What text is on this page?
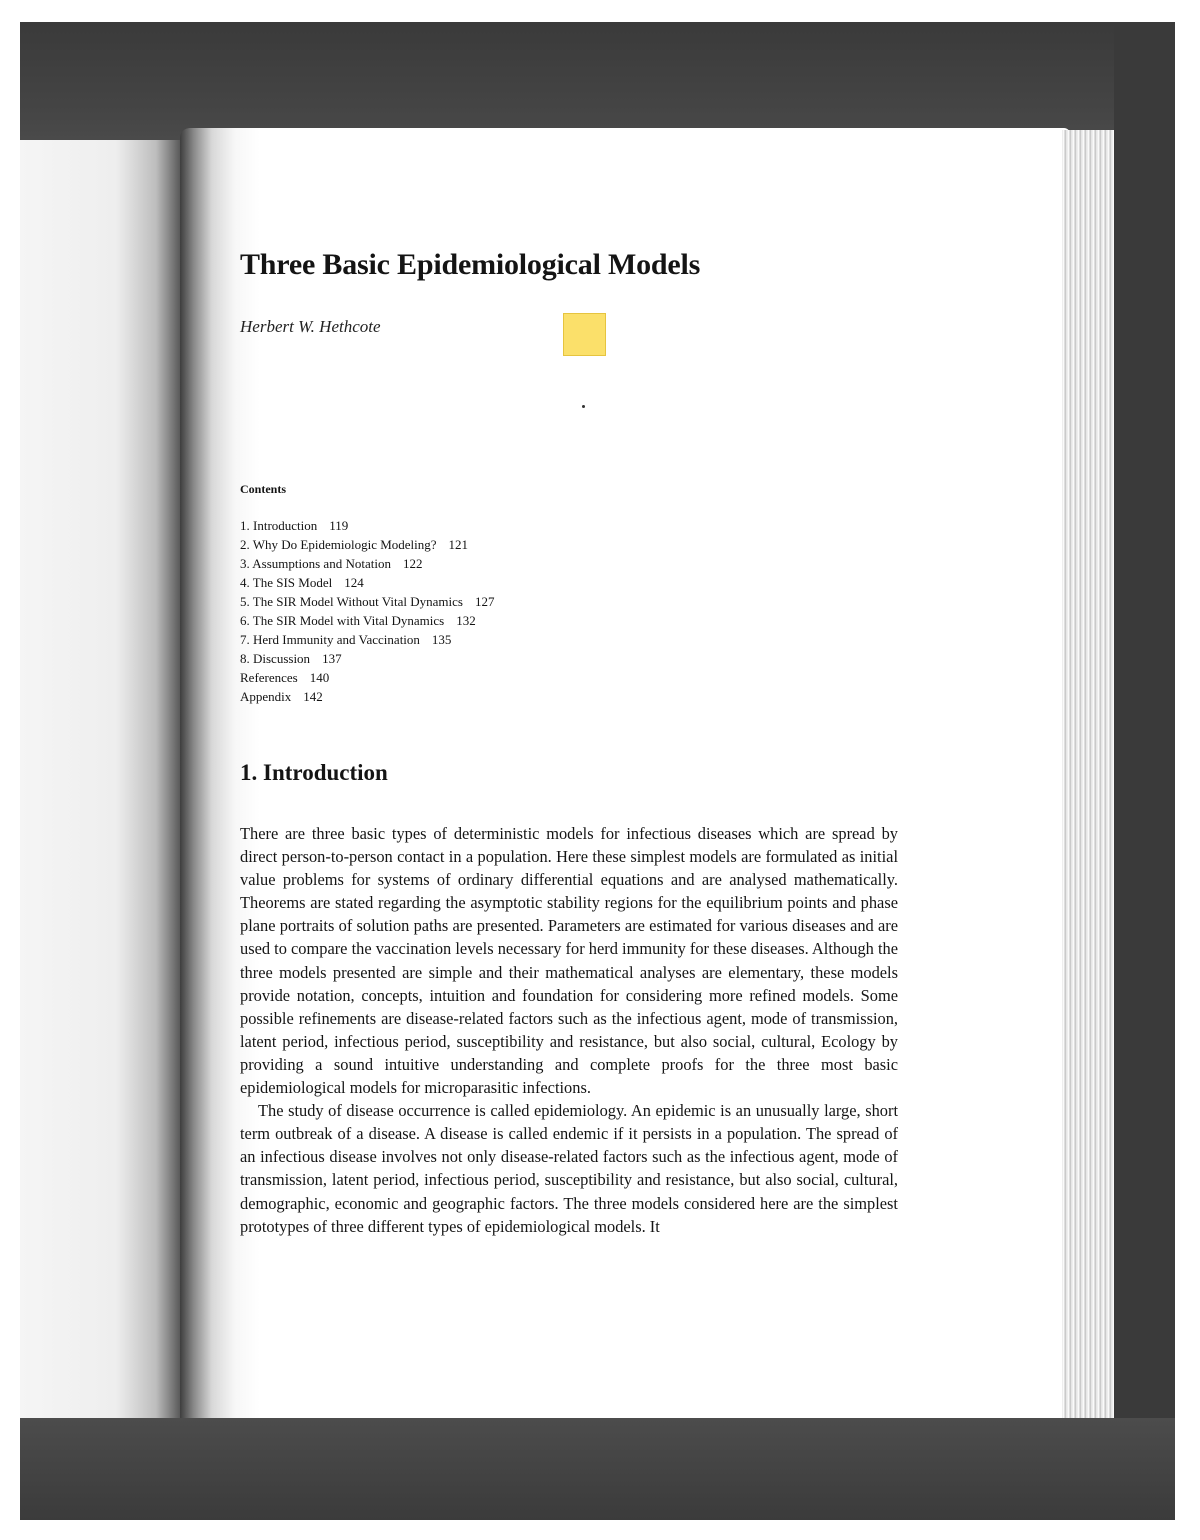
Three Basic Epidemiological Models
Herbert W. Hethcote
Contents
1. Introduction 119
2. Why Do Epidemiologic Modeling? 121
3. Assumptions and Notation 122
4. The SIS Model 124
5. The SIR Model Without Vital Dynamics 127
6. The SIR Model with Vital Dynamics 132
7. Herd Immunity and Vaccination 135
8. Discussion 137
References 140
Appendix 142
1. Introduction

There are three basic types of deterministic models for infectious diseases which are spread by direct person-to-person contact in a population. Here these simplest models are formulated as initial value problems for systems of ordinary differential equations and are analysed mathematically. Theorems are stated regarding the asymptotic stability regions for the equilibrium points and phase plane portraits of solution paths are presented. Parameters are estimated for various diseases and are used to compare the vaccination levels necessary for herd immunity for these diseases. Although the three models presented are simple and their mathematical analyses are elementary, these models provide notation, concepts, intuition and foundation for considering more refined models. Some possible refinements are disease-related factors such as the infectious agent, mode of transmission, latent period, infectious period, susceptibility and resistance, but also social, cultural, Ecology by providing a sound intuitive understanding and complete proofs for the three most basic epidemiological models for microparasitic infections.

The study of disease occurrence is called epidemiology. An epidemic is an unusually large, short term outbreak of a disease. A disease is called endemic if it persists in a population. The spread of an infectious disease involves not only disease-related factors such as the infectious agent, mode of transmission, latent period, infectious period, susceptibility and resistance, but also social, cultural, demographic, economic and geographic factors. The three models considered here are the simplest prototypes of three different types of epidemiological models. It
